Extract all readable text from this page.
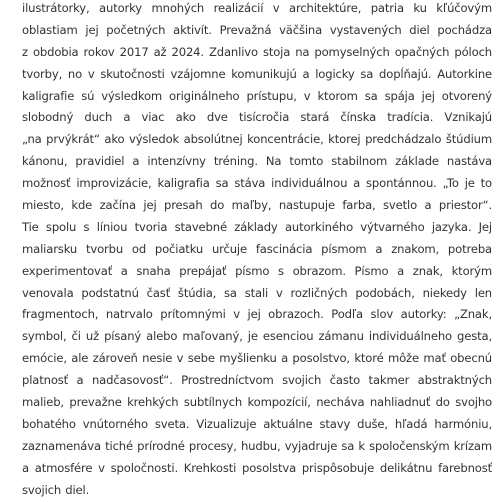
ilustrátorky, autorky mnohých realizácií v architektúre, patria ku kľúčovým
oblastiam jej početných aktivít. Prevažná väčšina vystavených diel pochádza
z obdobia rokov 2017 až 2024. Zdanlivo stoja na pomyselných opačných póloch
tvorby, no v skutočnosti vzájomne komunikujú a logicky sa dopĺňajú. Autorkine
kaligrafie sú výsledkom originálneho prístupu, v ktorom sa spája jej otvorený
slobodný duch a viac ako dve tisícročia stará čínska tradícia. Vznikajú
„na prvýkrát“ ako výsledok absolútnej koncentrácie, ktorej predchádzalo štúdium
kánonu, pravidiel a intenzívny tréning. Na tomto stabilnom základe nastáva
možnosť improvizácie, kaligrafia sa stáva individuálnou a spontánnou. „To je to
miesto, kde začína jej presah do maľby, nastupuje farba, svetlo a priestor“.
Tie spolu s líniou tvoria stavebné základy autorkiného výtvarného jazyka. Jej
maliarsku tvorbu od počiatku určuje fascinácia písmom a znakom, potreba
experimentovať a snaha prepájať písmo s obrazom. Písmo a znak, ktorým
venovala podstatnú časť štúdia, sa stali v rozličných podobách, niekedy len
fragmentoch, natrvalo prítomnými v jej obrazoch. Podľa slov autorky: „Znak,
symbol, či už písaný alebo maľovaný, je esenciou zámanu individuálneho gesta,
emócie, ale zároveň nesie v sebe myšlienku a posolstvo, ktoré môže mať obecnú
platnosť a nadčasovosť“. Prostredníctvom svojich často takmer abstraktných
malieb, prevažne krehkých subtílnych kompozícií, necháva nahliadnuť do svojho
bohatého vnútorného sveta. Vizualizuje aktuálne stavy duše, hľadá harmóniu,
zaznamenáva tiché prírodné procesy, hudbu, vyjadruje sa k spoločenským krízam
a atmosfére v spoločnosti. Krehkosti posolstva prispôsobuje delikátnu farebnosť
svojich diel.
